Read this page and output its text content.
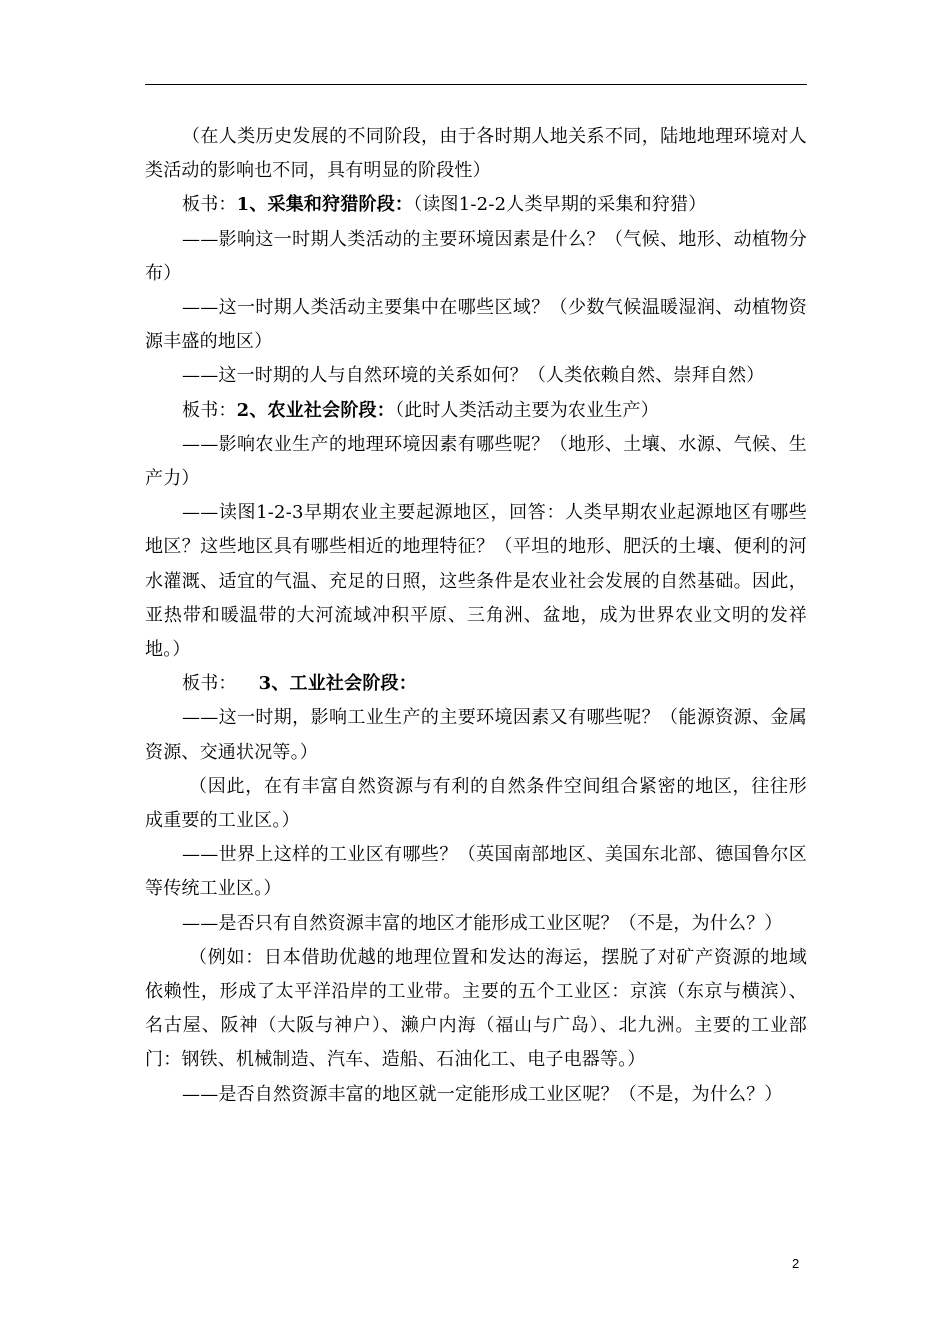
（在人类历史发展的不同阶段，由于各时期人地关系不同，陆地地理环境对人类活动的影响也不同，具有明显的阶段性）

板书：1、采集和狩猎阶段：（读图1-2-2人类早期的采集和狩猎）

——影响这一时期人类活动的主要环境因素是什么？（气候、地形、动植物分布）

——这一时期人类活动主要集中在哪些区域？（少数气候温暖湿润、动植物资源丰盛的地区）

——这一时期的人与自然环境的关系如何？（人类依赖自然、崇拜自然）

板书：2、农业社会阶段：（此时人类活动主要为农业生产）

——影响农业生产的地理环境因素有哪些呢？（地形、土壤、水源、气候、生产力）

——读图1-2-3早期农业主要起源地区，回答：人类早期农业起源地区有哪些地区？这些地区具有哪些相近的地理特征？（平坦的地形、肥沃的土壤、便利的河水灌溉、适宜的气温、充足的日照，这些条件是农业社会发展的自然基础。因此，亚热带和暖温带的大河流域冲积平原、三角洲、盆地，成为世界农业文明的发祥地。）

板书： 3、工业社会阶段：

——这一时期，影响工业生产的主要环境因素又有哪些呢？（能源资源、金属资源、交通状况等。）

（因此，在有丰富自然资源与有利的自然条件空间组合紧密的地区，往往形成重要的工业区。）

——世界上这样的工业区有哪些？（英国南部地区、美国东北部、德国鲁尔区等传统工业区。）

——是否只有自然资源丰富的地区才能形成工业区呢？（不是，为什么？）

（例如：日本借助优越的地理位置和发达的海运，摆脱了对矿产资源的地域依赖性，形成了太平洋沿岸的工业带。主要的五个工业区：京滨（东京与横滨）、名古屋、阪神（大阪与神户）、濑户内海（福山与广岛）、北九洲。主要的工业部门：钢铁、机械制造、汽车、造船、石油化工、电子电器等。）

——是否自然资源丰富的地区就一定能形成工业区呢？（不是，为什么？）

2
